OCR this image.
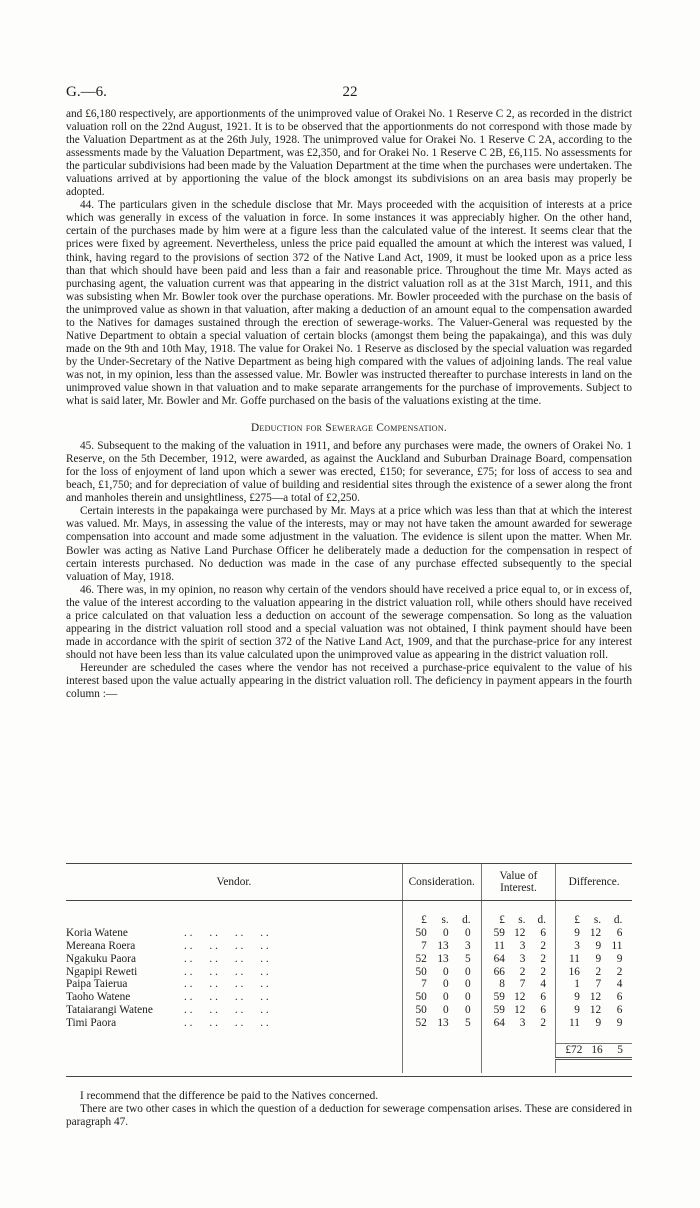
G.—6.	22

and £6,180 respectively, are apportionments of the unimproved value of Orakei No. 1 Reserve C 2, as recorded in the district valuation roll on the 22nd August, 1921. It is to be observed that the apportionments do not correspond with those made by the Valuation Department as at the 26th July, 1928. The unimproved value for Orakei No. 1 Reserve C 2A, according to the assessments made by the Valuation Department, was £2,350, and for Orakei No. 1 Reserve C 2B, £6,115. No assessments for the particular subdivisions had been made by the Valuation Department at the time when the purchases were undertaken. The valuations arrived at by apportioning the value of the block amongst its subdivisions on an area basis may properly be adopted.

44. The particulars given in the schedule disclose that Mr. Mays proceeded with the acquisition of interests at a price which was generally in excess of the valuation in force. In some instances it was appreciably higher. On the other hand, certain of the purchases made by him were at a figure less than the calculated value of the interest. It seems clear that the prices were fixed by agreement. Nevertheless, unless the price paid equalled the amount at which the interest was valued, I think, having regard to the provisions of section 372 of the Native Land Act, 1909, it must be looked upon as a price less than that which should have been paid and less than a fair and reasonable price. Throughout the time Mr. Mays acted as purchasing agent, the valuation current was that appearing in the district valuation roll as at the 31st March, 1911, and this was subsisting when Mr. Bowler took over the purchase operations. Mr. Bowler proceeded with the purchase on the basis of the unimproved value as shown in that valuation, after making a deduction of an amount equal to the compensation awarded to the Natives for damages sustained through the erection of sewerage-works. The Valuer-General was requested by the Native Department to obtain a special valuation of certain blocks (amongst them being the papakainga), and this was duly made on the 9th and 10th May, 1918. The value for Orakei No. 1 Reserve as disclosed by the special valuation was regarded by the Under-Secretary of the Native Department as being high compared with the values of adjoining lands. The real value was not, in my opinion, less than the assessed value. Mr. Bowler was instructed thereafter to purchase interests in land on the unimproved value shown in that valuation and to make separate arrangements for the purchase of improvements. Subject to what is said later, Mr. Bowler and Mr. Goffe purchased on the basis of the valuations existing at the time.

Deduction for Sewerage Compensation.

45. Subsequent to the making of the valuation in 1911, and before any purchases were made, the owners of Orakei No. 1 Reserve, on the 5th December, 1912, were awarded, as against the Auckland and Suburban Drainage Board, compensation for the loss of enjoyment of land upon which a sewer was erected, £150; for severance, £75; for loss of access to sea and beach, £1,750; and for depreciation of value of building and residential sites through the existence of a sewer along the front and manholes therein and unsightliness, £275—a total of £2,250.

Certain interests in the papakainga were purchased by Mr. Mays at a price which was less than that at which the interest was valued. Mr. Mays, in assessing the value of the interests, may or may not have taken the amount awarded for sewerage compensation into account and made some adjustment in the valuation. The evidence is silent upon the matter. When Mr. Bowler was acting as Native Land Purchase Officer he deliberately made a deduction for the compensation in respect of certain interests purchased. No deduction was made in the case of any purchase effected subsequently to the special valuation of May, 1918.

46. There was, in my opinion, no reason why certain of the vendors should have received a price equal to, or in excess of, the value of the interest according to the valuation appearing in the district valuation roll, while others should have received a price calculated on that valuation less a deduction on account of the sewerage compensation. So long as the valuation appearing in the district valuation roll stood and a special valuation was not obtained, I think payment should have been made in accordance with the spirit of section 372 of the Native Land Act, 1909, and that the purchase-price for any interest should not have been less than its value calculated upon the unimproved value as appearing in the district valuation roll.

Hereunder are scheduled the cases where the vendor has not received a purchase-price equivalent to the value of his interest based upon the value actually appearing in the district valuation roll. The deficiency in payment appears in the fourth column :—

Vendor.	Consideration.	Value of Interest.	Difference.

	£ s. d.	£ s. d.	£ s. d.

Koria Watene . .      . .      . .      . .	50 0 0	59 12 6	9 12 6

Mereana Roera . .      . .      . .      . .	7 13 3	11 3 2	3 9 11

Ngakuku Paora . .      . .      . .      . .	52 13 5	64 3 2	11 9 9

Ngapipi Reweti . .      . .      . .      . .	50 0 0	66 2 2	16 2 2

Paipa Taierua . .      . .      . .      . .	7 0 0	8 7 4	1 7 4

Taoho Watene . .      . .      . .      . .	50 0 0	59 12 6	9 12 6

Tataiarangi Watene . .      . .      . .      . .	50 0 0	59 12 6	9 12 6

Timi Paora . .      . .      . .      . .	52 13 5	64 3 2	11 9 9

			£72 16 5

I recommend that the difference be paid to the Natives concerned.

There are two other cases in which the question of a deduction for sewerage compensation arises. These are considered in paragraph 47.
